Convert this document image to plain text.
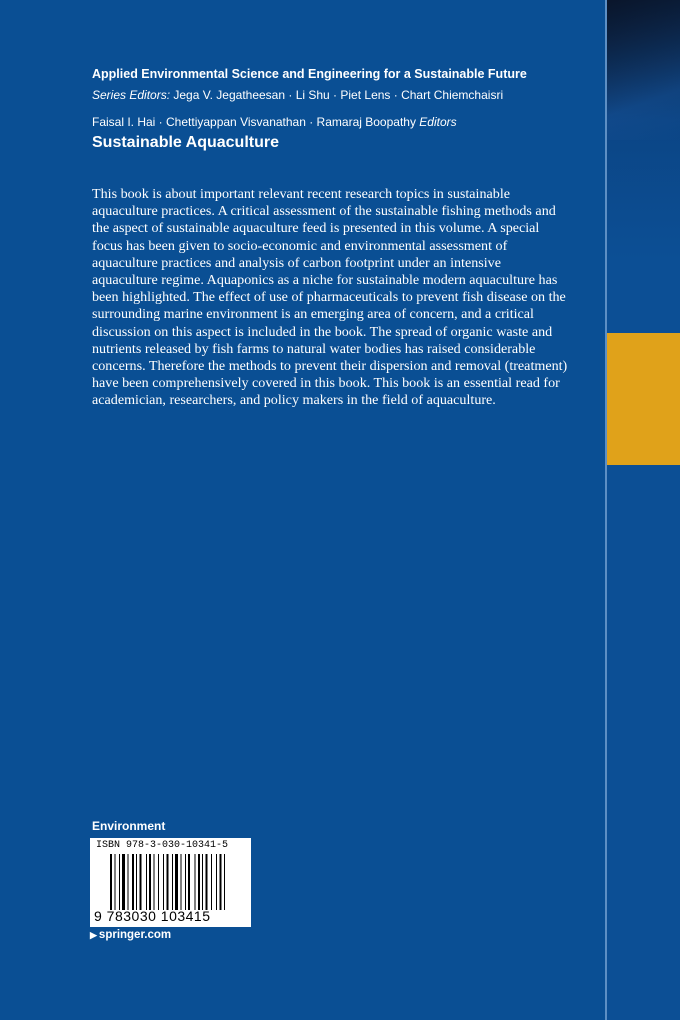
Applied Environmental Science and Engineering for a Sustainable Future
Series Editors: Jega V. Jegatheesan · Li Shu · Piet Lens · Chart Chiemchaisri
Faisal I. Hai · Chettiyappan Visvanathan · Ramaraj Boopathy Editors
Sustainable Aquaculture

This book is about important relevant recent research topics in sustainable aquaculture practices. A critical assessment of the sustainable fishing methods and the aspect of sustainable aquaculture feed is presented in this volume. A special focus has been given to socio-economic and environmental assessment of aquaculture practices and analysis of carbon footprint under an intensive aquaculture regime. Aquaponics as a niche for sustainable modern aquaculture has been highlighted. The effect of use of pharmaceuticals to prevent fish disease on the surrounding marine environment is an emerging area of concern, and a critical discussion on this aspect is included in the book. The spread of organic waste and nutrients released by fish farms to natural water bodies has raised considerable concerns. Therefore the methods to prevent their dispersion and removal (treatment) have been comprehensively covered in this book. This book is an essential read for academician, researchers, and policy makers in the field of aquaculture.

Environment
ISBN 978-3-030-10341-5
9 783030 103415
▶ springer.com
